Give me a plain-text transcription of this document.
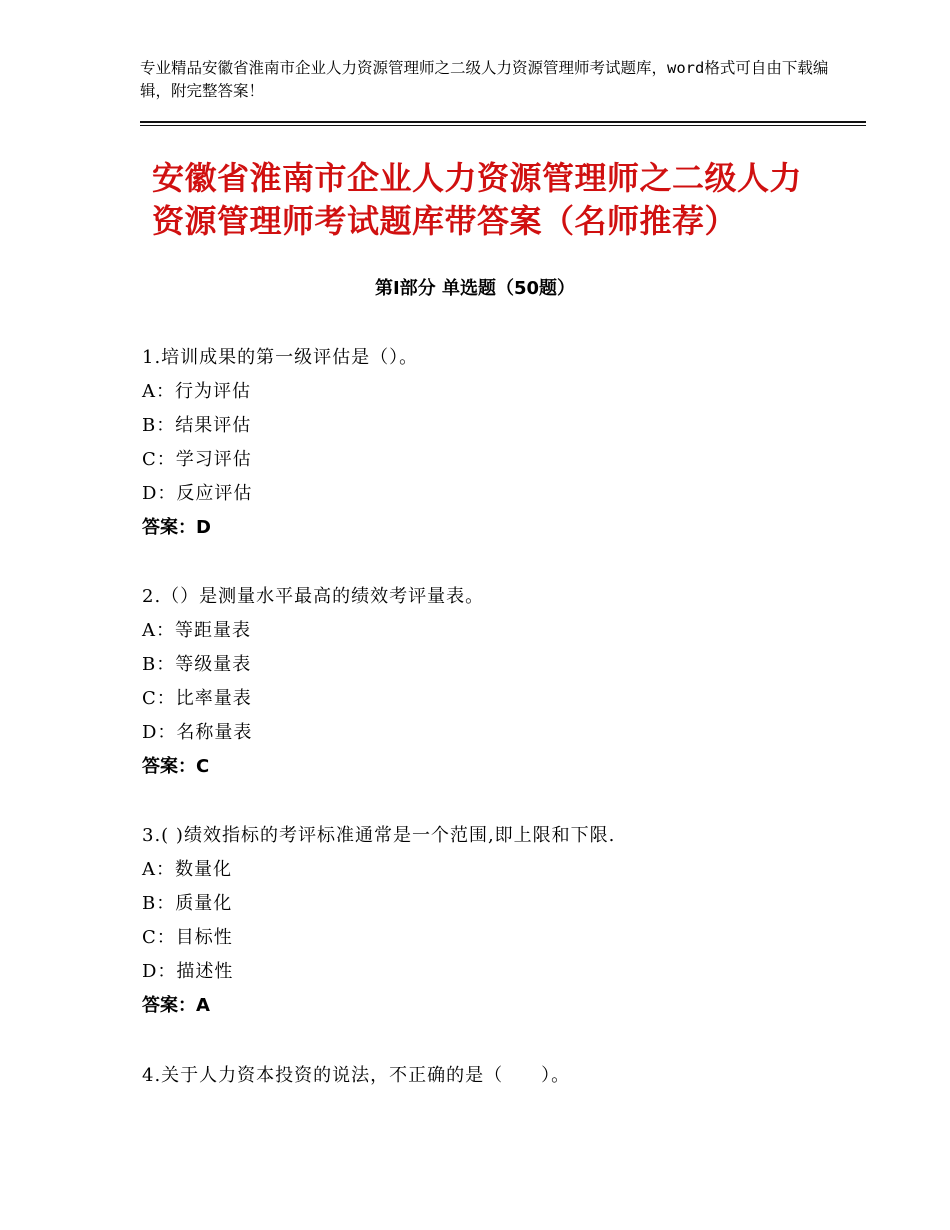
专业精品安徽省淮南市企业人力资源管理师之二级人力资源管理师考试题库，word格式可自由下载编辑，附完整答案！
安徽省淮南市企业人力资源管理师之二级人力资源管理师考试题库带答案（名师推荐）
第Ⅰ部分 单选题（50题）
1.培训成果的第一级评估是（）。
A：行为评估
B：结果评估
C：学习评估
D：反应评估
答案：D
2.（）是测量水平最高的绩效考评量表。
A：等距量表
B：等级量表
C：比率量表
D：名称量表
答案：C
3.( )绩效指标的考评标准通常是一个范围,即上限和下限.
A：数量化
B：质量化
C：目标性
D：描述性
答案：A
4.关于人力资本投资的说法，不正确的是（　　）。
